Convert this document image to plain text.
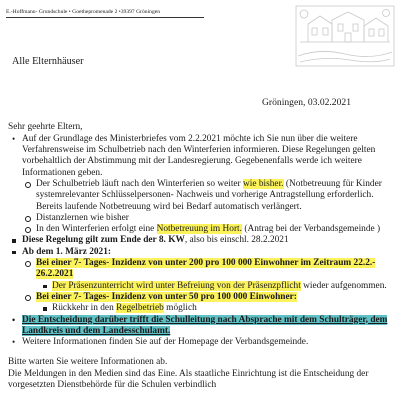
E.-Hoffmann- Grundschule • Goethepromenade 2 •39397 Gröningen
Alle Elternhäuser
Gröningen, 03.02.2021
Sehr geehrte Eltern,
• Auf der Grundlage des Ministerbriefes vom 2.2.2021 möchte ich Sie nun über die weitere Verfahrensweise im Schulbetrieb nach den Winterferien informieren. Diese Regelungen gelten vorbehaltlich der Abstimmung mit der Landesregierung. Gegebenenfalls werde ich weitere Informationen geben.
Der Schulbetrieb läuft nach den Winterferien so weiter wie bisher. (Notbetreuung für Kinder systemrelevanter Schlüsselpersonen- Nachweis und vorherige Antragstellung erforderlich. Bereits laufende Notbetreuung wird bei Bedarf automatisch verlängert.
Distanzlernen wie bisher
In den Winterferien erfolgt eine Notbetreuung im Hort. (Antrag bei der Verbandsgemeinde )
Diese Regelung gilt zum Ende der 8. KW, also bis einschl. 28.2.2021
Ab dem 1. März 2021:
Bei einer 7- Tages- Inzidenz von unter 200 pro 100 000 Einwohner im Zeitraum 22.2.- 26.2.2021
Der Präsenzunterricht wird unter Befreiung von der Präsenzpflicht wieder aufgenommen.
Bei einer 7- Tages- Inzidenz von unter 50 pro 100 000 Einwohner:
Rückkehr in den Regelbetrieb möglich
• Die Entscheidung darüber trifft die Schulleitung nach Absprache mit dem Schulträger, dem Landkreis und dem Landesschulamt.
• Weitere Informationen finden Sie auf der Homepage der Verbandsgemeinde.
Bitte warten Sie weitere Informationen ab.
Die Meldungen in den Medien sind das Eine. Als staatliche Einrichtung ist die Entscheidung der vorgesetzten Dienstbehörde für die Schulen verbindlich
